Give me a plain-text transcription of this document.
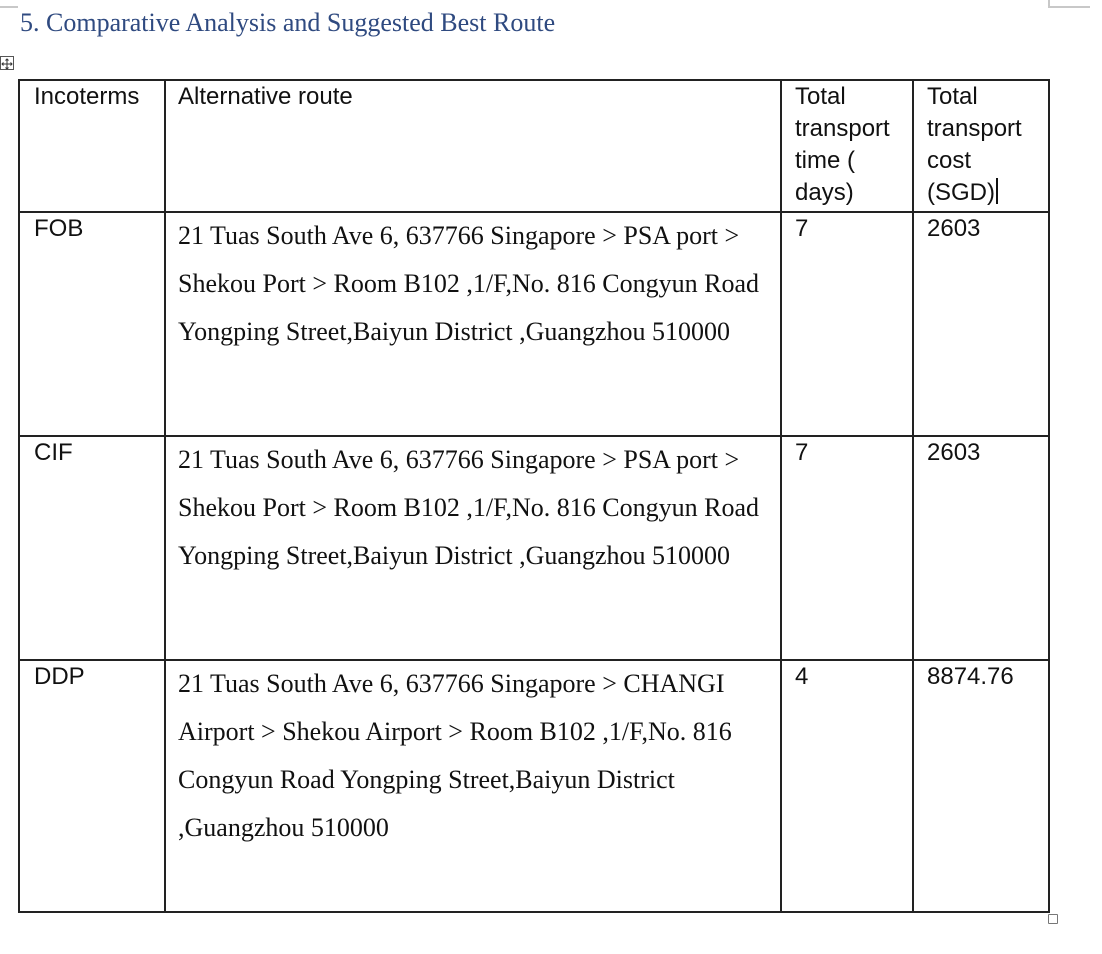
5. Comparative Analysis and Suggested Best Route
Incoterms	Alternative route	Total transport time ( days)	Total transport cost (SGD)
FOB	21 Tuas South Ave 6, 637766 Singapore > PSA port > Shekou Port > Room B102 ,1/F,No. 816 Congyun Road Yongping Street,Baiyun District ,Guangzhou 510000	7	2603
CIF	21 Tuas South Ave 6, 637766 Singapore > PSA port > Shekou Port > Room B102 ,1/F,No. 816 Congyun Road Yongping Street,Baiyun District ,Guangzhou 510000	7	2603
DDP	21 Tuas South Ave 6, 637766 Singapore > CHANGI Airport > Shekou Airport > Room B102 ,1/F,No. 816 Congyun Road Yongping Street,Baiyun District ,Guangzhou 510000	4	8874.76
